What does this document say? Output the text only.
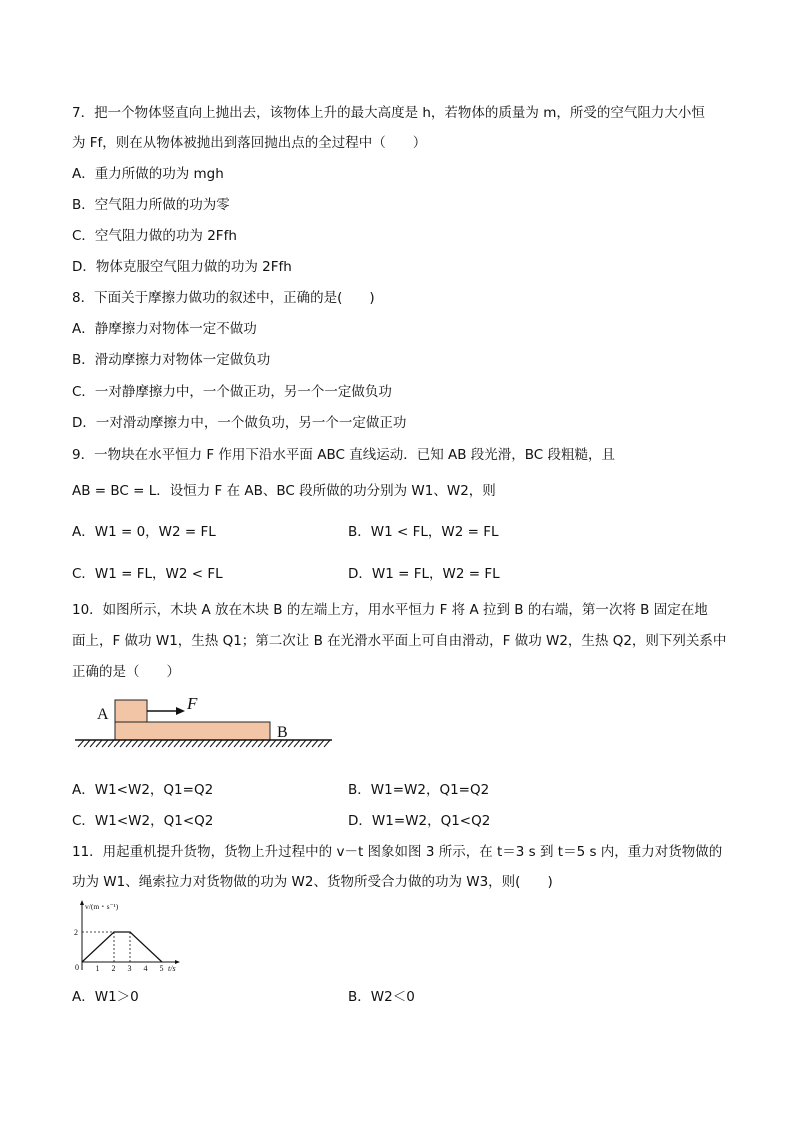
7．把一个物体竖直向上抛出去，该物体上升的最大高度是 h，若物体的质量为 m，所受的空气阻力大小恒
为 Ff，则在从物体被抛出到落回抛出点的全过程中（　　）
A．重力所做的功为 mgh
B．空气阻力所做的功为零
C．空气阻力做的功为 2Ffh
D．物体克服空气阻力做的功为 2Ffh
8．下面关于摩擦力做功的叙述中，正确的是(　　)
A．静摩擦力对物体一定不做功
B．滑动摩擦力对物体一定做负功
C．一对静摩擦力中，一个做正功，另一个一定做负功
D．一对滑动摩擦力中，一个做负功，另一个一定做正功
9．一物块在水平恒力 F 作用下沿水平面 ABC 直线运动．已知 AB 段光滑，BC 段粗糙，且
AB = BC = L．设恒力 F 在 AB、BC 段所做的功分别为 W1、W2，则
A．W1 = 0，W2 = FL	B．W1 < FL，W2 = FL
C．W1 = FL，W2 < FL	D．W1 = FL，W2 = FL
10．如图所示，木块 A 放在木块 B 的左端上方，用水平恒力 F 将 A 拉到 B 的右端，第一次将 B 固定在地
面上，F 做功 W1，生热 Q1；第二次让 B 在光滑水平面上可自由滑动，F 做功 W2，生热 Q2，则下列关系中
正确的是（　　）
F
A
B
A．W1<W2，Q1=Q2	B．W1=W2，Q1=Q2
C．W1<W2，Q1<Q2	D．W1=W2，Q1<Q2
11．用起重机提升货物，货物上升过程中的 v－t 图象如图 3 所示，在 t＝3 s 到 t＝5 s 内，重力对货物做的
功为 W1、绳索拉力对货物做的功为 W2、货物所受合力做的功为 W3，则(　　)
v/(m・s⁻¹)
t/s
0 1 2 3 4 5
2
A．W1＞0	B．W2＜0
